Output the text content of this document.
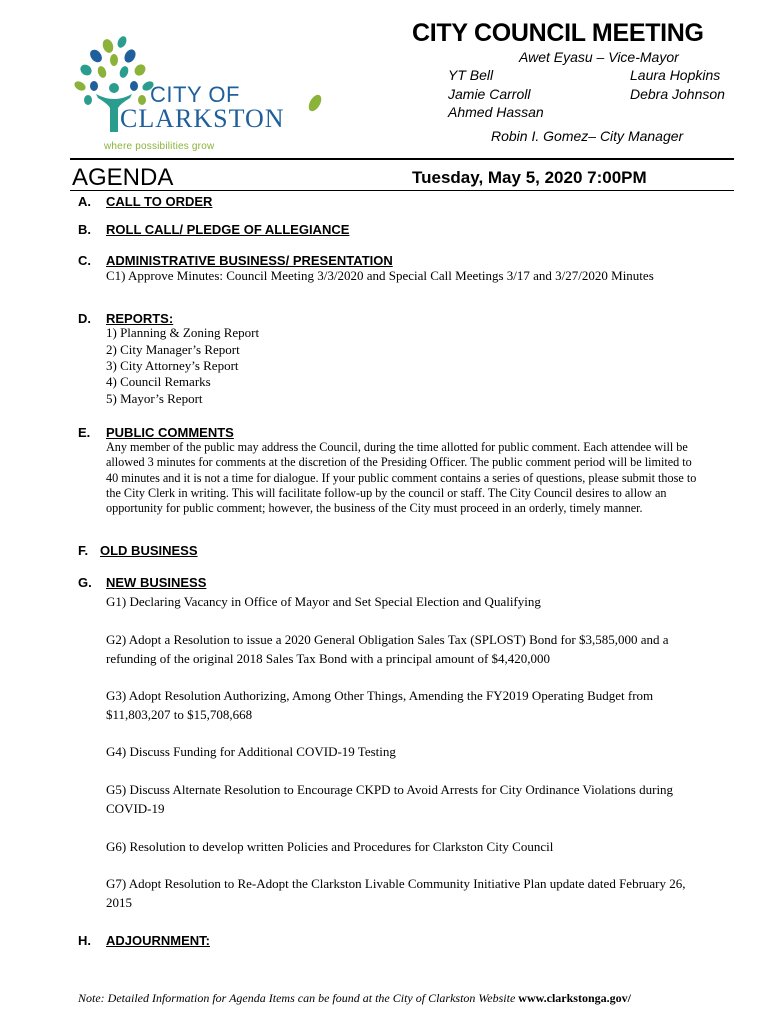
CITY OF
CLARKSTON
where possibilities grow
CITY COUNCIL MEETING
Awet Eyasu – Vice-Mayor
YT Bell
Jamie Carroll
Ahmed Hassan
Laura Hopkins
Debra Johnson
Robin I. Gomez– City Manager
AGENDA	Tuesday, May 5, 2020 7:00PM
A. CALL TO ORDER
B. ROLL CALL/ PLEDGE OF ALLEGIANCE
C. ADMINISTRATIVE BUSINESS/ PRESENTATION
C1) Approve Minutes: Council Meeting 3/3/2020 and Special Call Meetings 3/17 and 3/27/2020 Minutes
D. REPORTS:
1) Planning & Zoning Report
2) City Manager’s Report
3) City Attorney’s Report
4) Council Remarks
5) Mayor’s Report
E. PUBLIC COMMENTS
Any member of the public may address the Council, during the time allotted for public comment. Each attendee will be
allowed 3 minutes for comments at the discretion of the Presiding Officer. The public comment period will be limited to
40 minutes and it is not a time for dialogue. If your public comment contains a series of questions, please submit those to
the City Clerk in writing. This will facilitate follow-up by the council or staff. The City Council desires to allow an
opportunity for public comment; however, the business of the City must proceed in an orderly, timely manner.
F. OLD BUSINESS
G. NEW BUSINESS
G1) Declaring Vacancy in Office of Mayor and Set Special Election and Qualifying
G2) Adopt a Resolution to issue a 2020 General Obligation Sales Tax (SPLOST) Bond for $3,585,000 and a
refunding of the original 2018 Sales Tax Bond with a principal amount of $4,420,000
G3) Adopt Resolution Authorizing, Among Other Things, Amending the FY2019 Operating Budget from
$11,803,207 to $15,708,668
G4) Discuss Funding for Additional COVID-19 Testing
G5) Discuss Alternate Resolution to Encourage CKPD to Avoid Arrests for City Ordinance Violations during
COVID-19
G6) Resolution to develop written Policies and Procedures for Clarkston City Council
G7) Adopt Resolution to Re-Adopt the Clarkston Livable Community Initiative Plan update dated February 26,
2015
H. ADJOURNMENT:
Note: Detailed Information for Agenda Items can be found at the City of Clarkston Website www.clarkstonga.gov/
